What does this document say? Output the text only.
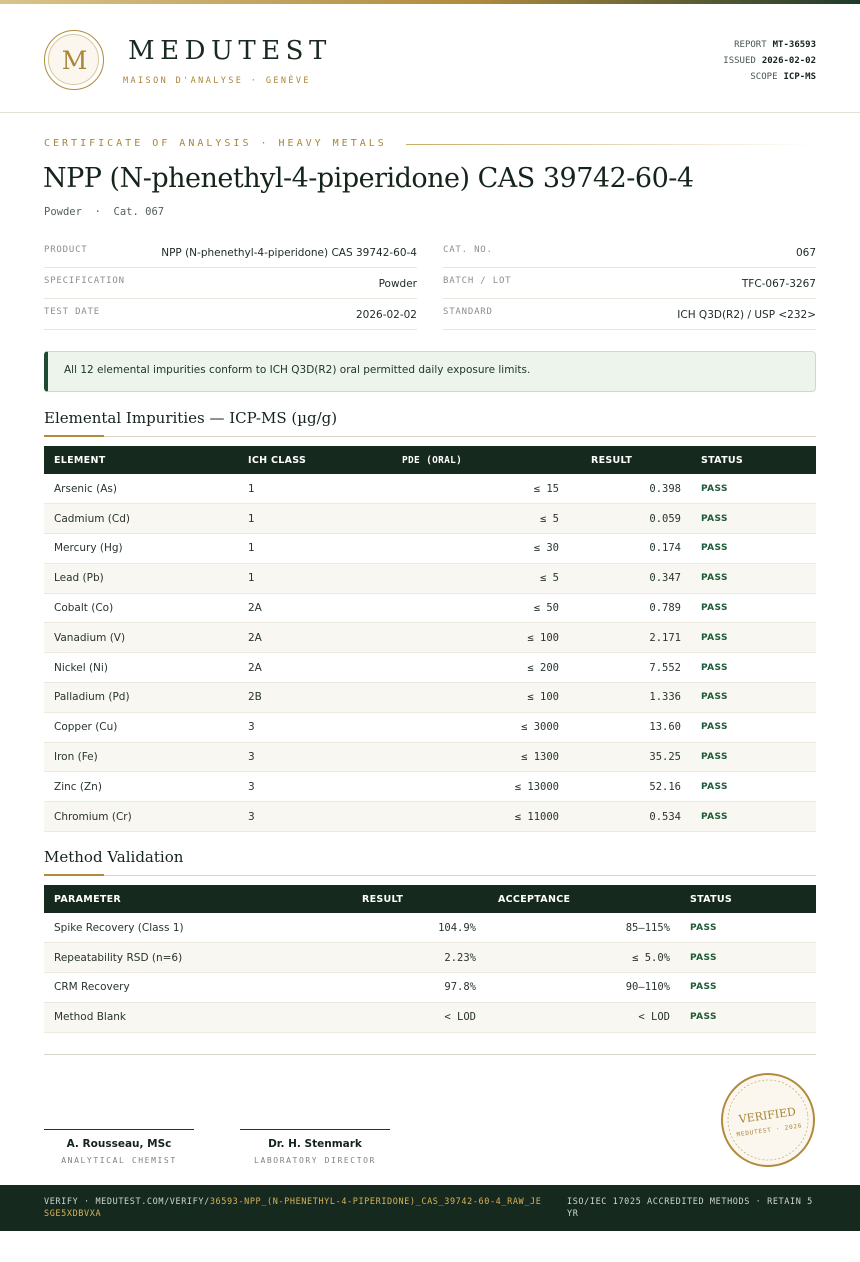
M	MEDUTEST
MAISON D'ANALYSE · GENÈVE
REPORT MT-36593
ISSUED 2026-02-02
SCOPE ICP-MS
CERTIFICATE OF ANALYSIS · HEAVY METALS
NPP (N-phenethyl-4-piperidone) CAS 39742-60-4
Powder  ·  Cat. 067
PRODUCT	NPP (N-phenethyl-4-piperidone) CAS 39742-60-4
SPECIFICATION	Powder
TEST DATE	2026-02-02
CAT. NO.	067
BATCH / LOT	TFC-067-3267
STANDARD	ICH Q3D(R2) / USP <232>
All 12 elemental impurities conform to ICH Q3D(R2) oral permitted daily exposure limits.
Elemental Impurities — ICP-MS (µg/g)
ELEMENT	ICH CLASS	PDE (ORAL)	RESULT	STATUS
Arsenic (As)	1	≤ 15	0.398	PASS
Cadmium (Cd)	1	≤ 5	0.059	PASS
Mercury (Hg)	1	≤ 30	0.174	PASS
Lead (Pb)	1	≤ 5	0.347	PASS
Cobalt (Co)	2A	≤ 50	0.789	PASS
Vanadium (V)	2A	≤ 100	2.171	PASS
Nickel (Ni)	2A	≤ 200	7.552	PASS
Palladium (Pd)	2B	≤ 100	1.336	PASS
Copper (Cu)	3	≤ 3000	13.60	PASS
Iron (Fe)	3	≤ 1300	35.25	PASS
Zinc (Zn)	3	≤ 13000	52.16	PASS
Chromium (Cr)	3	≤ 11000	0.534	PASS
Method Validation
PARAMETER	RESULT	ACCEPTANCE	STATUS
Spike Recovery (Class 1)	104.9%	85–115%	PASS
Repeatability RSD (n=6)	2.23%	≤ 5.0%	PASS
CRM Recovery	97.8%	90–110%	PASS
Method Blank	< LOD	< LOD	PASS
A. Rousseau, MSc
ANALYTICAL CHEMIST
Dr. H. Stenmark
LABORATORY DIRECTOR
VERIFIED
MEDUTEST · 2026
VERIFY · MEDUTEST.COM/VERIFY/36593-NPP_(N-PHENETHYL-4-PIPERIDONE)_CAS_39742-60-4_RAW_JESGE5XDBVXA
ISO/IEC 17025 ACCREDITED METHODS · RETAIN 5 YR
